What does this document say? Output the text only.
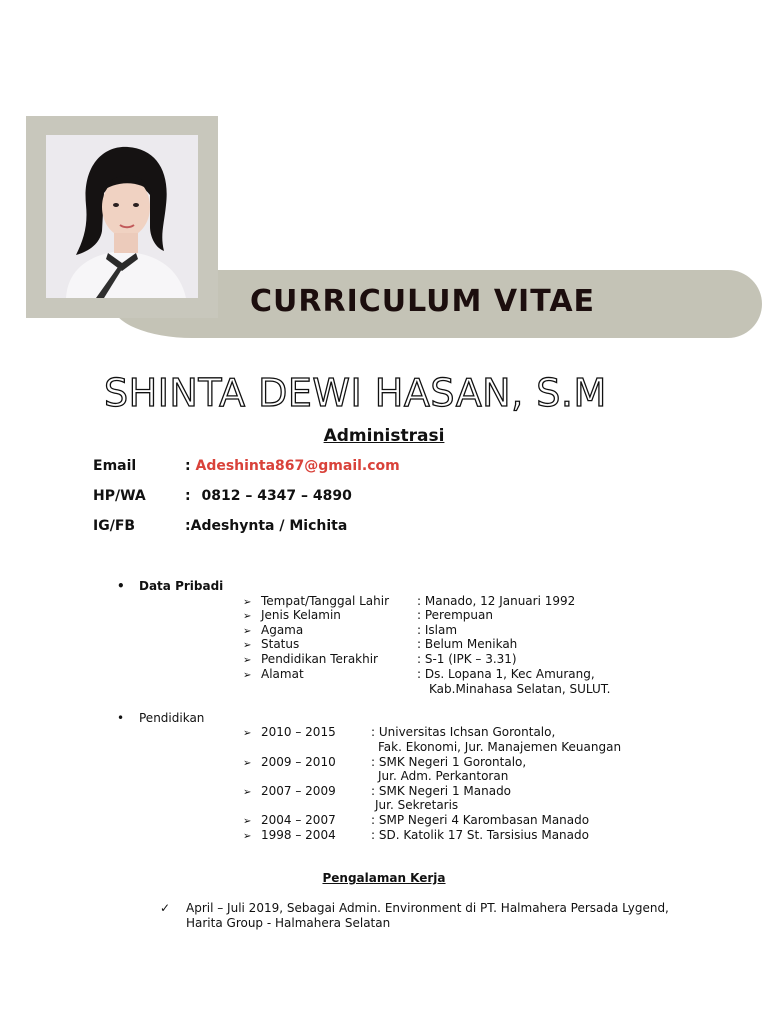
CURRICULUM VITAE
SHINTA DEWI HASAN, S.M
Administrasi
Email	: Adeshinta867@gmail.com
HP/WA	: 0812 – 4347 – 4890
IG/FB	:Adeshynta / Michita
• Data Pribadi
➢ Tempat/Tanggal Lahir : Manado, 12 Januari 1992
➢ Jenis Kelamin	: Perempuan
➢ Agama	: Islam
➢ Status	: Belum Menikah
➢ Pendidikan Terakhir	: S-1 (IPK – 3.31)
➢ Alamat	: Ds. Lopana 1, Kec Amurang,
Kab.Minahasa Selatan, SULUT.
• Pendidikan
➢ 2010 – 2015	: Universitas Ichsan Gorontalo,
Fak. Ekonomi, Jur. Manajemen Keuangan
➢ 2009 – 2010	: SMK Negeri 1 Gorontalo,
Jur. Adm. Perkantoran
➢ 2007 – 2009	: SMK Negeri 1 Manado
Jur. Sekretaris
➢ 2004 – 2007	: SMP Negeri 4 Karombasan Manado
➢ 1998 – 2004	: SD. Katolik 17 St. Tarsisius Manado
Pengalaman Kerja
✓ April – Juli 2019, Sebagai Admin. Environment di PT. Halmahera Persada Lygend,
Harita Group - Halmahera Selatan
